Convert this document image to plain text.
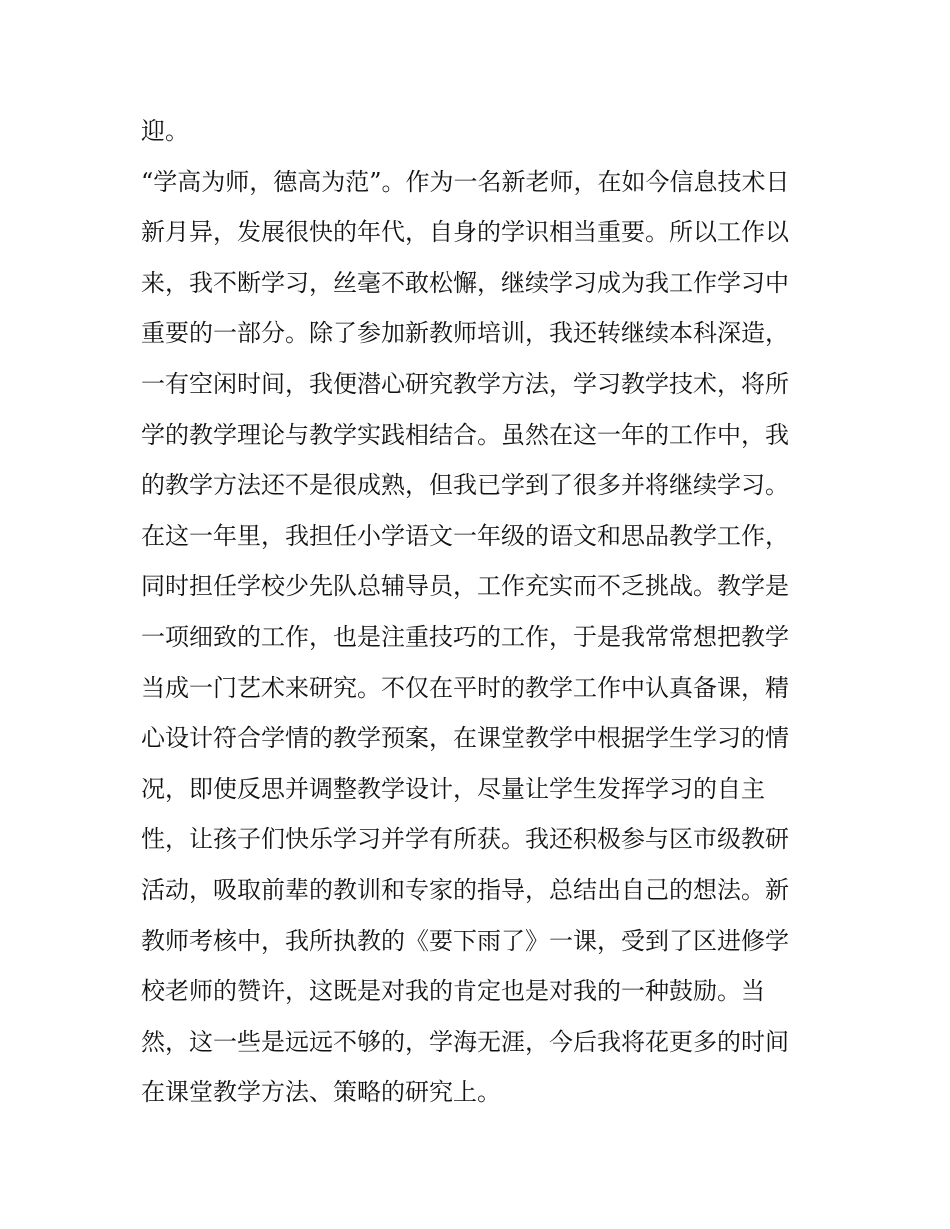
迎。
“学高为师，德高为范”。作为一名新老师，在如今信息技术日
新月异，发展很快的年代，自身的学识相当重要。所以工作以
来，我不断学习，丝毫不敢松懈，继续学习成为我工作学习中
重要的一部分。除了参加新教师培训，我还转继续本科深造，
一有空闲时间，我便潜心研究教学方法，学习教学技术，将所
学的教学理论与教学实践相结合。虽然在这一年的工作中，我
的教学方法还不是很成熟，但我已学到了很多并将继续学习。
在这一年里，我担任小学语文一年级的语文和思品教学工作，
同时担任学校少先队总辅导员，工作充实而不乏挑战。教学是
一项细致的工作，也是注重技巧的工作，于是我常常想把教学
当成一门艺术来研究。不仅在平时的教学工作中认真备课，精
心设计符合学情的教学预案，在课堂教学中根据学生学习的情
况，即使反思并调整教学设计，尽量让学生发挥学习的自主
性，让孩子们快乐学习并学有所获。我还积极参与区市级教研
活动，吸取前辈的教训和专家的指导，总结出自己的想法。新
教师考核中，我所执教的《要下雨了》一课，受到了区进修学
校老师的赞许，这既是对我的肯定也是对我的一种鼓励。当
然，这一些是远远不够的，学海无涯，今后我将花更多的时间
在课堂教学方法、策略的研究上。
